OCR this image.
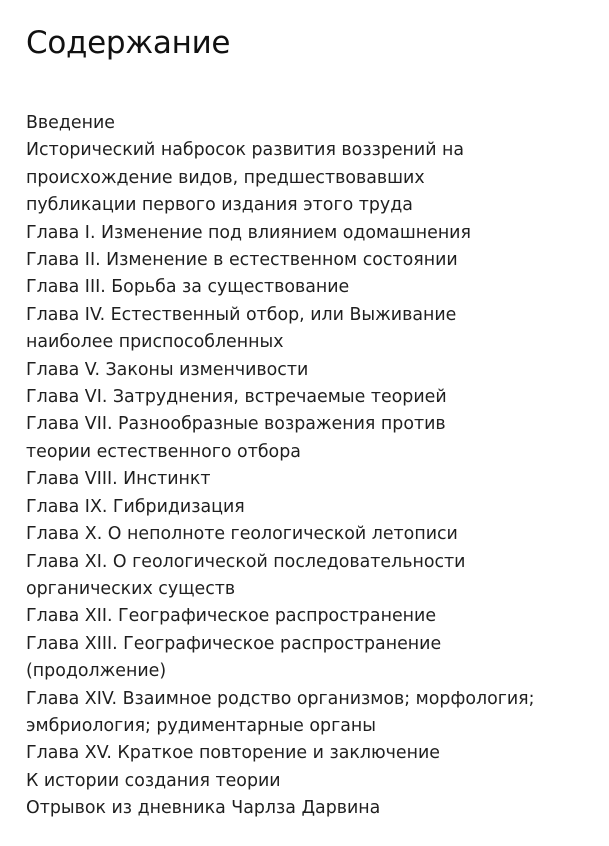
Содержание
Введение
Исторический набросок развития воззрений на происхождение видов, предшествовавших публикации первого издания этого труда
Глава I. Изменение под влиянием одомашнения
Глава II. Изменение в естественном состоянии
Глава III. Борьба за существование
Глава IV. Естественный отбор, или Выживание наиболее приспособленных
Глава V. Законы изменчивости
Глава VI. Затруднения, встречаемые теорией
Глава VII. Разнообразные возражения против теории естественного отбора
Глава VIII. Инстинкт
Глава IX. Гибридизация
Глава X. О неполноте геологической летописи
Глава XI. О геологической последовательности органических существ
Глава XII. Географическое распространение
Глава XIII. Географическое распространение (продолжение)
Глава XIV. Взаимное родство организмов; морфология; эмбриология; рудиментарные органы
Глава XV. Краткое повторение и заключение
К истории создания теории
Отрывок из дневника Чарлза Дарвина
